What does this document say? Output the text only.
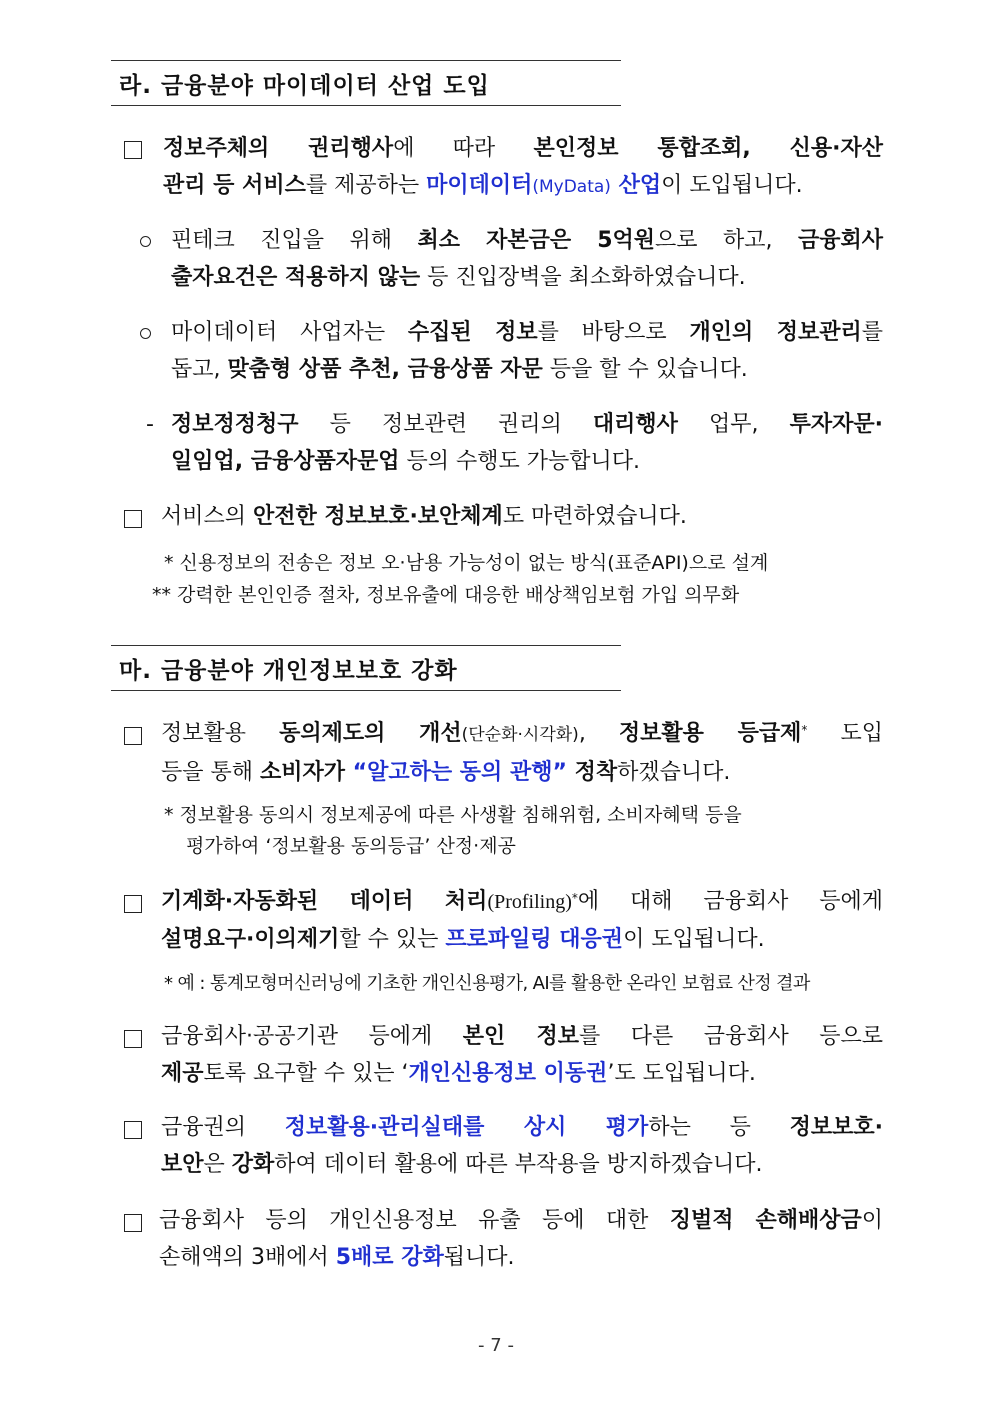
라. 금융분야 마이데이터 산업 도입
정보주체의 권리행사에 따라 본인정보 통합조회, 신용·자산
관리 등 서비스를 제공하는 마이데이터(MyData) 산업이 도입됩니다.
핀테크 진입을 위해 최소 자본금은 5억원으로 하고, 금융회사
출자요건은 적용하지 않는 등 진입장벽을 최소화하였습니다.
마이데이터 사업자는 수집된 정보를 바탕으로 개인의 정보관리를
돕고, 맞춤형 상품 추천, 금융상품 자문 등을 할 수 있습니다.
- 정보정정청구 등 정보관련 권리의 대리행사 업무, 투자자문·
일임업, 금융상품자문업 등의 수행도 가능합니다.
서비스의 안전한 정보보호·보안체계도 마련하였습니다.
* 신용정보의 전송은 정보 오·남용 가능성이 없는 방식(표준API)으로 설계
** 강력한 본인인증 절차, 정보유출에 대응한 배상책임보험 가입 의무화
마. 금융분야 개인정보보호 강화
정보활용 동의제도의 개선(단순화·시각화), 정보활용 등급제* 도입
등을 통해 소비자가 “알고하는 동의 관행” 정착하겠습니다.
* 정보활용 동의시 정보제공에 따른 사생활 침해위험, 소비자혜택 등을
평가하여 ‘정보활용 동의등급’ 산정·제공
기계화·자동화된 데이터 처리(Profiling)*에 대해 금융회사 등에게
설명요구·이의제기할 수 있는 프로파일링 대응권이 도입됩니다.
* 예 : 통계모형머신러닝에 기초한 개인신용평가, AI를 활용한 온라인 보험료 산정 결과
금융회사·공공기관 등에게 본인 정보를 다른 금융회사 등으로
제공토록 요구할 수 있는 ‘개인신용정보 이동권’도 도입됩니다.
금융권의 정보활용·관리실태를 상시 평가하는 등 정보보호·
보안은 강화하여 데이터 활용에 따른 부작용을 방지하겠습니다.
금융회사 등의 개인신용정보 유출 등에 대한 징벌적 손해배상금이
손해액의 3배에서 5배로 강화됩니다.
- 7 -
